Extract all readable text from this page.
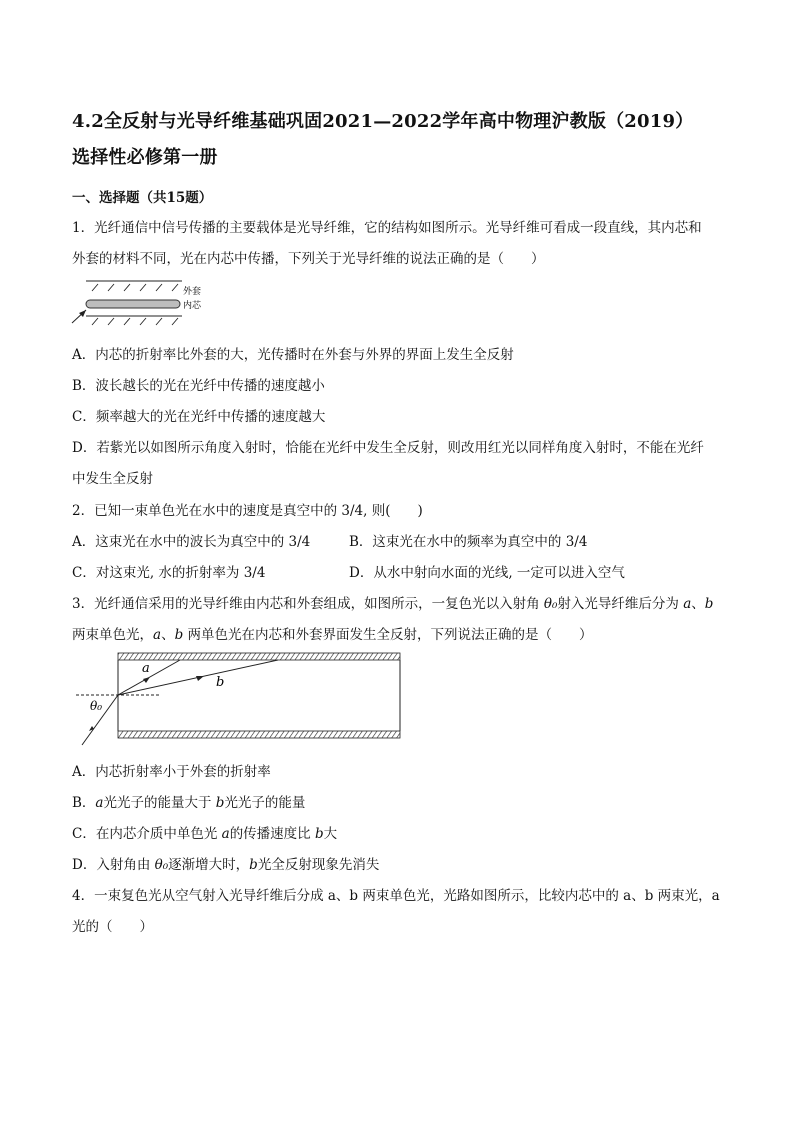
4.2全反射与光导纤维基础巩固2021—2022学年高中物理沪教版（2019）
选择性必修第一册
一、选择题（共15题）
1．光纤通信中信号传播的主要载体是光导纤维，它的结构如图所示。光导纤维可看成一段直线，其内芯和
外套的材料不同，光在内芯中传播，下列关于光导纤维的说法正确的是（　　）
外套
内芯
A．内芯的折射率比外套的大，光传播时在外套与外界的界面上发生全反射
B．波长越长的光在光纤中传播的速度越小
C．频率越大的光在光纤中传播的速度越大
D．若紫光以如图所示角度入射时，恰能在光纤中发生全反射，则改用红光以同样角度入射时，不能在光纤
中发生全反射
2．已知一束单色光在水中的速度是真空中的 3/4, 则(　　)
A．这束光在水中的波长为真空中的 3/4	B．这束光在水中的频率为真空中的 3/4
C．对这束光, 水的折射率为 3/4	D．从水中射向水面的光线, 一定可以进入空气
3．光纤通信采用的光导纤维由内芯和外套组成，如图所示，一复色光以入射角 θ₀射入光导纤维后分为 a、b
两束单色光，a、b 两单色光在内芯和外套界面发生全反射，下列说法正确的是（　　）
a
b
θ₀
A．内芯折射率小于外套的折射率
B．a光光子的能量大于 b光光子的能量
C．在内芯介质中单色光 a的传播速度比 b大
D．入射角由 θ₀逐渐增大时，b光全反射现象先消失
4．一束复色光从空气射入光导纤维后分成 a、b 两束单色光，光路如图所示，比较内芯中的 a、b 两束光，a
光的（　　）
